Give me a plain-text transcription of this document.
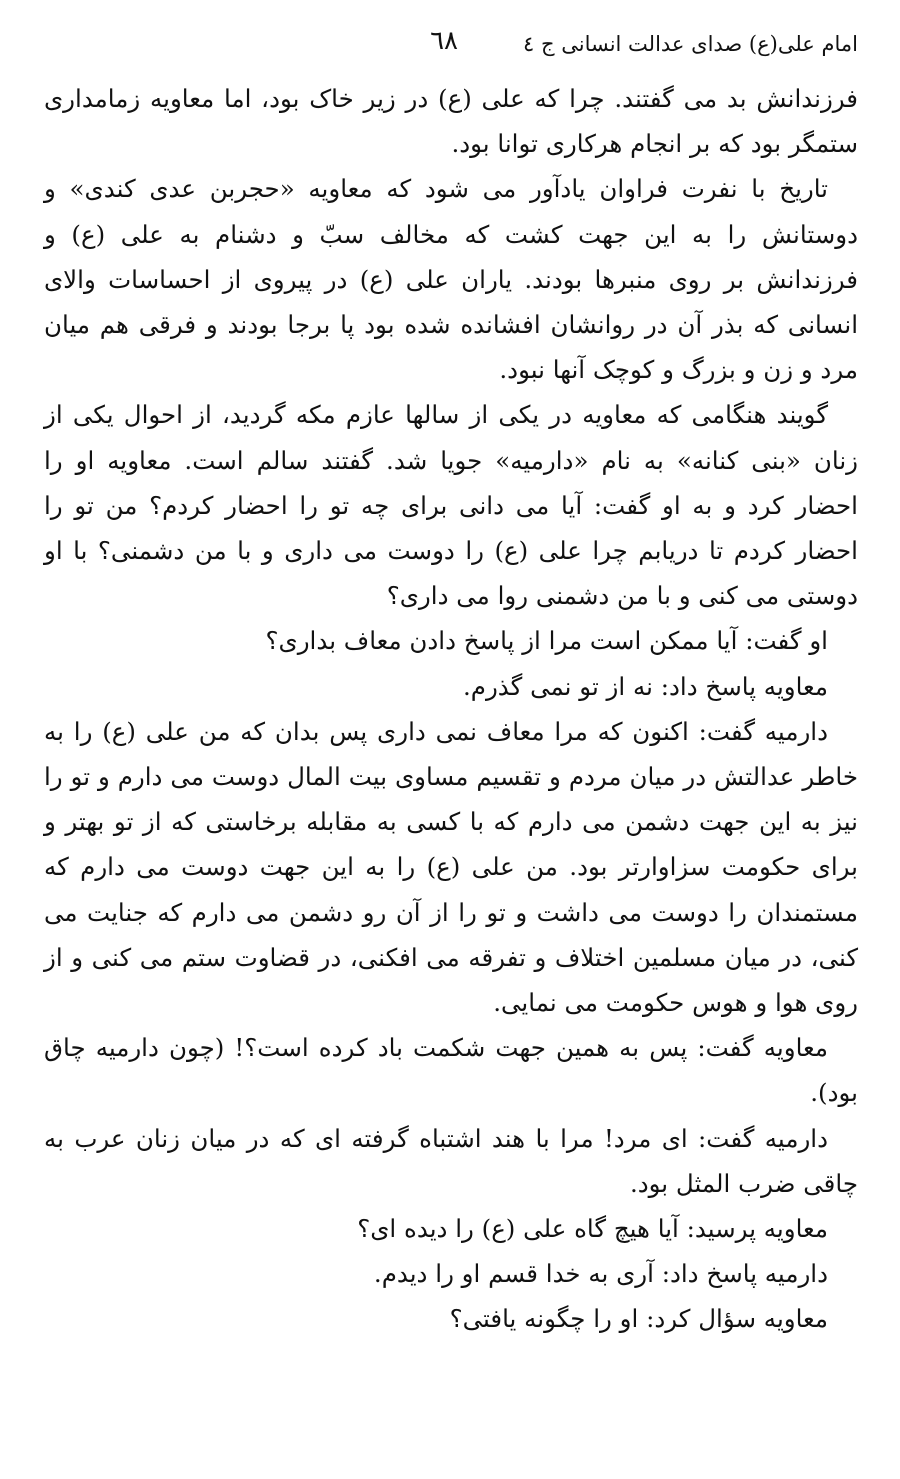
امام علی(ع) صدای عدالت انسانی ج ٤
٦٨

فرزندانش بد می گفتند. چرا که علی (ع) در زیر خاک بود، اما معاویه زمامداری ستمگر بود که بر انجام هرکاری توانا بود.

تاریخ با نفرت فراوان یادآور می شود که معاویه «حجربن عدی کندی» و دوستانش را به این جهت کشت که مخالف سبّ و دشنام به علی (ع) و فرزندانش بر روی منبرها بودند. یاران علی (ع) در پیروی از احساسات والای انسانی که بذر آن در روانشان افشانده شده بود پا برجا بودند و فرقی هم میان مرد و زن و بزرگ و کوچک آنها نبود.

گویند هنگامی که معاویه در یکی از سالها عازم مکه گردید، از احوال یکی از زنان «بنی کنانه» به نام «دارمیه» جویا شد. گفتند سالم است. معاویه او را احضار کرد و به او گفت: آیا می دانی برای چه تو را احضار کردم؟ من تو را احضار کردم تا دریابم چرا علی (ع) را دوست می داری و با من دشمنی؟ با او دوستی می کنی و با من دشمنی روا می داری؟

او گفت: آیا ممکن است مرا از پاسخ دادن معاف بداری؟

معاویه پاسخ داد: نه از تو نمی گذرم.

دارمیه گفت: اکنون که مرا معاف نمی داری پس بدان که من علی (ع) را به خاطر عدالتش در میان مردم و تقسیم مساوی بیت المال دوست می دارم و تو را نیز به این جهت دشمن می دارم که با کسی به مقابله برخاستی که از تو بهتر و برای حکومت سزاوارتر بود. من علی (ع) را به این جهت دوست می دارم که مستمندان را دوست می داشت و تو را از آن رو دشمن می دارم که جنایت می کنی، در میان مسلمین اختلاف و تفرقه می افکنی، در قضاوت ستم می کنی و از روی هوا و هوس حکومت می نمایی.

معاویه گفت: پس به همین جهت شکمت باد کرده است؟! (چون دارمیه چاق بود).

دارمیه گفت: ای مرد! مرا با هند اشتباه گرفته ای که در میان زنان عرب به چاقی ضرب المثل بود.

معاویه پرسید: آیا هیچ گاه علی (ع) را دیده ای؟

دارمیه پاسخ داد: آری به خدا قسم او را دیدم.

معاویه سؤال کرد: او را چگونه یافتی؟
